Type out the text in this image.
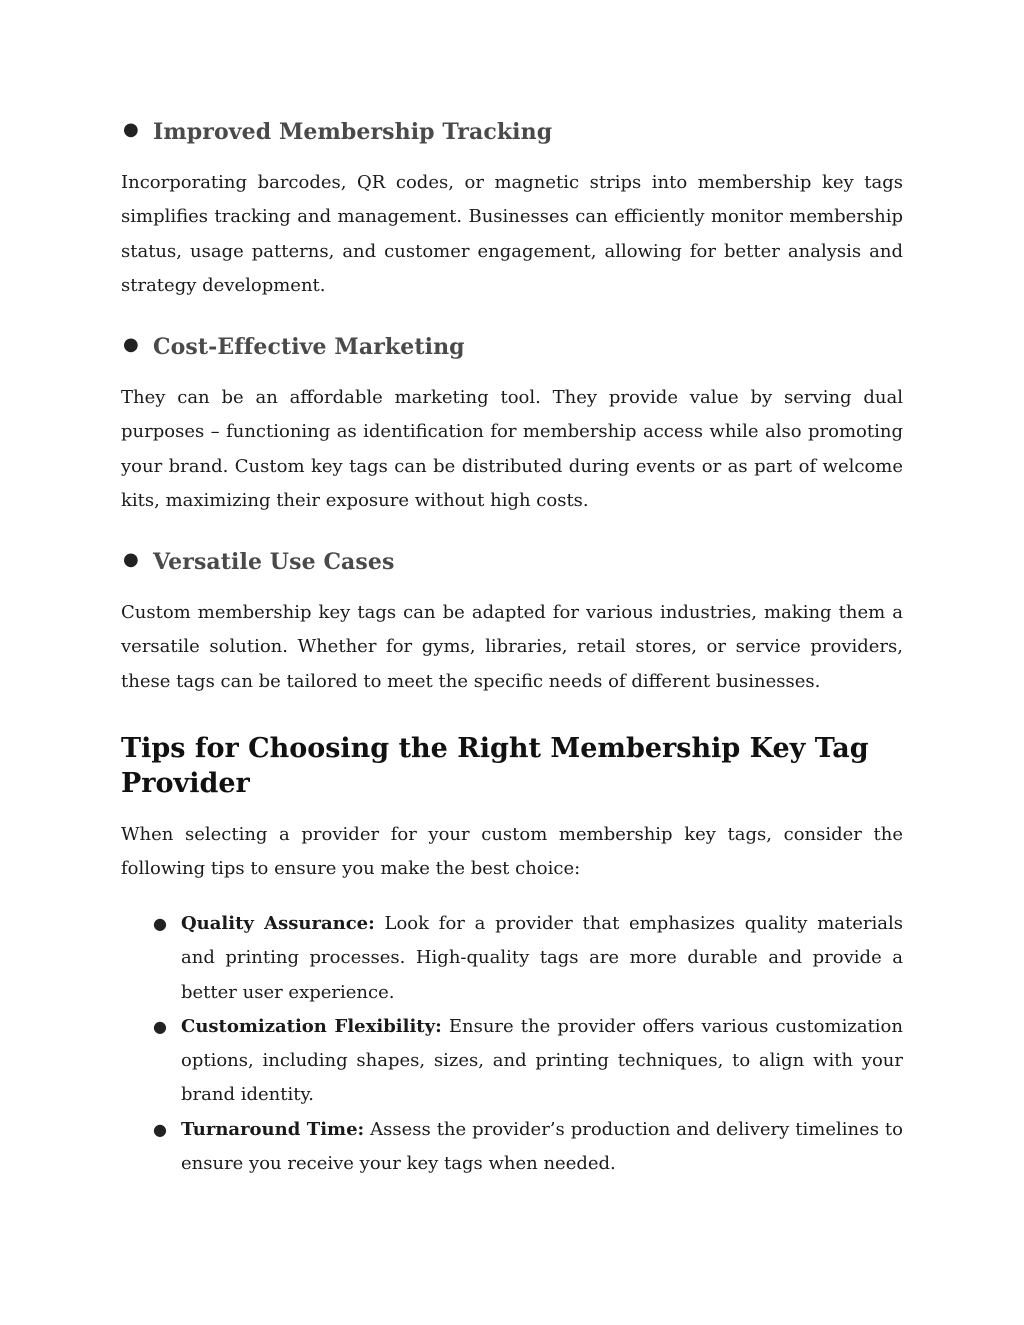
● Improved Membership Tracking
Incorporating barcodes, QR codes, or magnetic strips into membership key tags simplifies tracking and management. Businesses can efficiently monitor membership status, usage patterns, and customer engagement, allowing for better analysis and strategy development.
● Cost-Effective Marketing
They can be an affordable marketing tool. They provide value by serving dual purposes – functioning as identification for membership access while also promoting your brand. Custom key tags can be distributed during events or as part of welcome kits, maximizing their exposure without high costs.
● Versatile Use Cases
Custom membership key tags can be adapted for various industries, making them a versatile solution. Whether for gyms, libraries, retail stores, or service providers, these tags can be tailored to meet the specific needs of different businesses.
Tips for Choosing the Right Membership Key Tag Provider
When selecting a provider for your custom membership key tags, consider the following tips to ensure you make the best choice:
● Quality Assurance: Look for a provider that emphasizes quality materials and printing processes. High-quality tags are more durable and provide a better user experience.
● Customization Flexibility: Ensure the provider offers various customization options, including shapes, sizes, and printing techniques, to align with your brand identity.
● Turnaround Time: Assess the provider’s production and delivery timelines to ensure you receive your key tags when needed.
